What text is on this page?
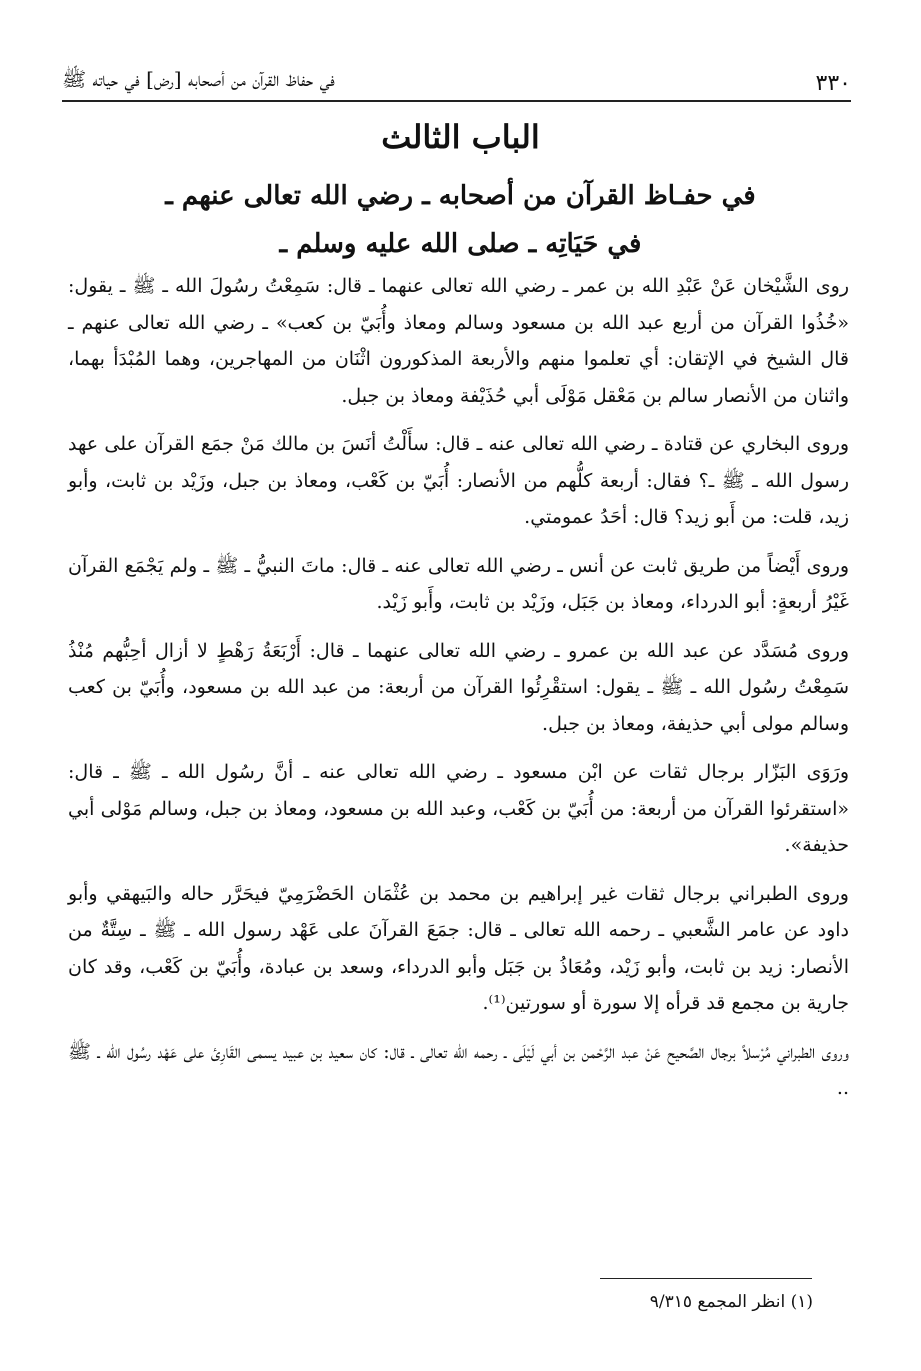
في حفاظ القرآن من أصحابه [رض] في حياته ﷺ	٣٣٠
الباب الثالث
في حفـاظ القرآن من أصحابه ـ رضي الله تعالى عنهم ـ
في حَيَاتِه ـ صلى الله عليه وسلم ـ

روى الشَّيْخان عَنْ عَبْدِ الله بن عمر ـ رضي الله تعالى عنهما ـ قال: سَمِعْتُ رسُولَ الله ـ ﷺ ـ يقول: «خُذُوا القرآن من أربع عبد الله بن مسعود وسالم ومعاذ وأُبَيّ بن كعب» ـ رضي الله تعالى عنهم ـ قال الشيخ في الإتقان: أي تعلموا منهم والأربعة المذكورون اثْنَان من المهاجرين، وهما المُبْدَأ بهما، واثنان من الأنصار سالم بن مَعْقل مَوْلَى أبي حُذَيْفة ومعاذ بن جبل.

وروى البخاري عن قتادة ـ رضي الله تعالى عنه ـ قال: سأَلْتُ أنَسَ بن مالك مَنْ جمَع القرآن على عهد رسول الله ـ ﷺ ـ؟ فقال: أربعة كلُّهم من الأنصار: أُبَيّ بن كَعْب، ومعاذ بن جبل، وزَيْد بن ثابت، وأبو زيد، قلت: من أَبو زيد؟ قال: أحَدُ عمومتي.

وروى أَيْضاً من طريق ثابت عن أنس ـ رضي الله تعالى عنه ـ قال: ماتَ النبيُّ ـ ﷺ ـ ولم يَجْمَع القرآن غَيْرُ أربعةٍ: أبو الدرداء، ومعاذ بن جَبَل، وزَيْد بن ثابت، وأَبو زَيْد.

وروى مُسَدَّد عن عبد الله بن عمرو ـ رضي الله تعالى عنهما ـ قال: أَرْبَعَةُ رَهْطٍ لا أزال أحِبُّهم مُنْذُ سَمِعْتُ رسُول الله ـ ﷺ ـ يقول: استقْرِئُوا القرآن من أربعة: من عبد الله بن مسعود، وأُبَيّ بن كعب وسالم مولى أبي حذيفة، ومعاذ بن جبل.

ورَوَى البَزّار برجال ثقات عن ابْن مسعود ـ رضي الله تعالى عنه ـ أنَّ رسُول الله ـ ﷺ ـ قال: «استقرئوا القرآن من أربعة: من أُبَيّ بن كَعْب، وعبد الله بن مسعود، ومعاذ بن جبل، وسالم مَوْلى أبي حذيفة».

وروى الطبراني برجال ثقات غير إبراهيم بن محمد بن عُثْمَان الحَضْرَمِيّ فيحَرَّر حاله والبَيهقي وأبو داود عن عامر الشَّعبي ـ رحمه الله تعالى ـ قال: جمَعَ القرآنَ على عَهْد رسول الله ـ ﷺ ـ سِتَّةٌ من الأنصار: زيد بن ثابت، وأبو زَيْد، ومُعَاذُ بن جَبَل وأبو الدرداء، وسعد بن عبادة، وأُبَيّ بن كَعْب، وقد كان جارية بن مجمع قد قرأه إلا سورة أو سورتين⁽¹⁾.

وروى الطبراني مُرْسلاً برجال الصَّحيح عَنْ عبد الرَّحْمن بن أبي لَيْلَى ـ رحمه الله تعالى ـ قال: كان سعيد بن عبيد يسمى القَارِئ على عَهْد رسُول الله ـ ﷺ ..

(١) انظر المجمع ٩/٣١٥
